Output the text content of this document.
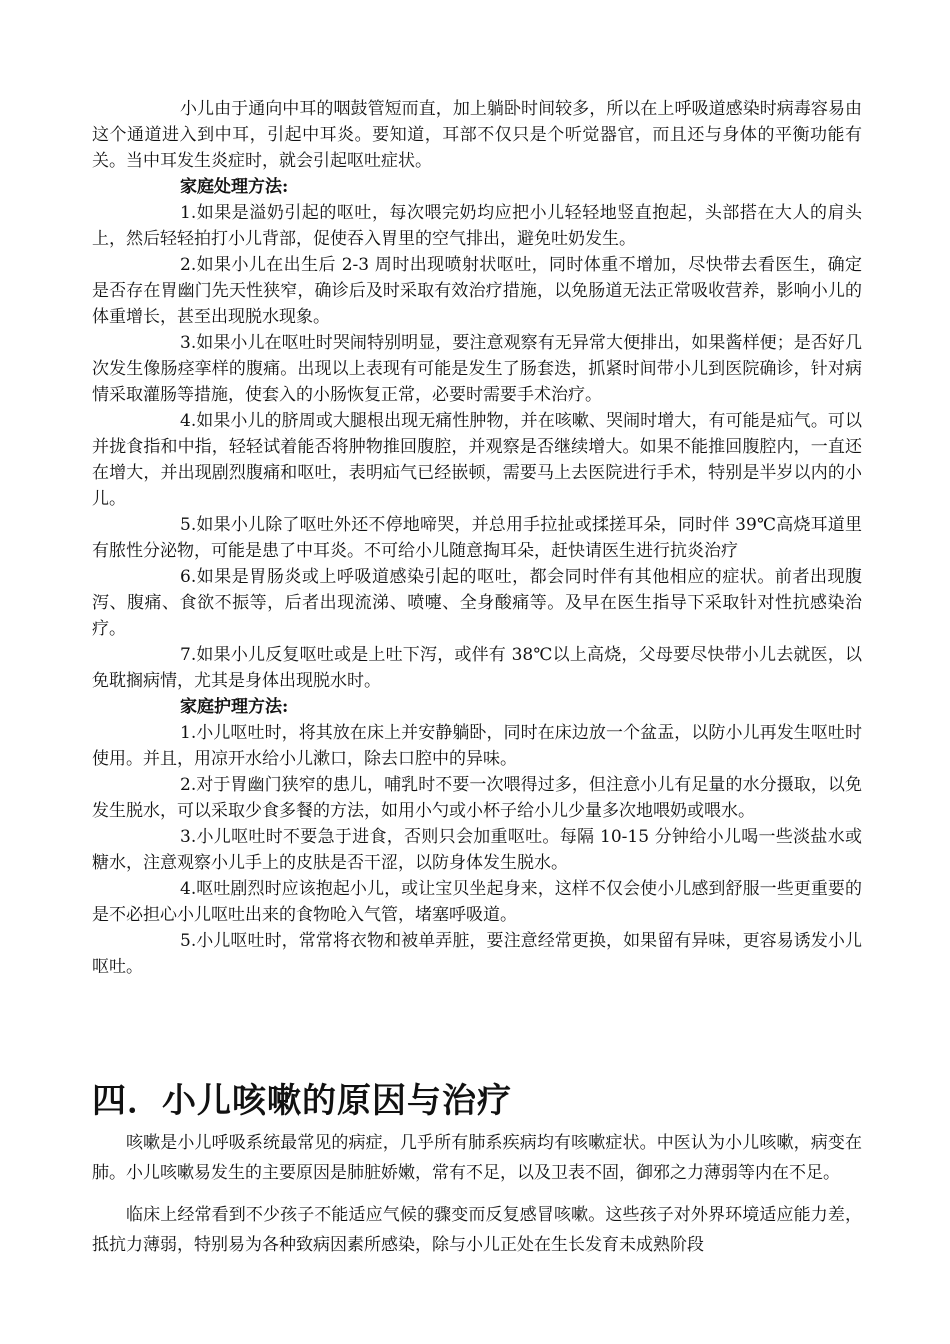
小儿由于通向中耳的咽鼓管短而直，加上躺卧时间较多，所以在上呼吸道感染时病毒容易由这个通道进入到中耳，引起中耳炎。要知道，耳部不仅只是个听觉器官，而且还与身体的平衡功能有关。当中耳发生炎症时，就会引起呕吐症状。

家庭处理方法:

1.如果是溢奶引起的呕吐，每次喂完奶均应把小儿轻轻地竖直抱起，头部搭在大人的肩头上，然后轻轻拍打小儿背部，促使吞入胃里的空气排出，避免吐奶发生。

2.如果小儿在出生后 2-3 周时出现喷射状呕吐，同时体重不增加，尽快带去看医生，确定是否存在胃幽门先天性狭窄，确诊后及时采取有效治疗措施，以免肠道无法正常吸收营养，影响小儿的体重增长，甚至出现脱水现象。

3.如果小儿在呕吐时哭闹特别明显，要注意观察有无异常大便排出，如果酱样便；是否好几次发生像肠痉挛样的腹痛。出现以上表现有可能是发生了肠套迭，抓紧时间带小儿到医院确诊，针对病情采取灌肠等措施，使套入的小肠恢复正常，必要时需要手术治疗。

4.如果小儿的脐周或大腿根出现无痛性肿物，并在咳嗽、哭闹时增大，有可能是疝气。可以并拢食指和中指，轻轻试着能否将肿物推回腹腔，并观察是否继续增大。如果不能推回腹腔内，一直还在增大，并出现剧烈腹痛和呕吐，表明疝气已经嵌顿，需要马上去医院进行手术，特别是半岁以内的小儿。

5.如果小儿除了呕吐外还不停地啼哭，并总用手拉扯或揉搓耳朵，同时伴 39℃高烧耳道里有脓性分泌物，可能是患了中耳炎。不可给小儿随意掏耳朵，赶快请医生进行抗炎治疗

6.如果是胃肠炎或上呼吸道感染引起的呕吐，都会同时伴有其他相应的症状。前者出现腹泻、腹痛、食欲不振等，后者出现流涕、喷嚏、全身酸痛等。及早在医生指导下采取针对性抗感染治疗。

7.如果小儿反复呕吐或是上吐下泻，或伴有 38℃以上高烧，父母要尽快带小儿去就医，以免耽搁病情，尤其是身体出现脱水时。

家庭护理方法:

1.小儿呕吐时，将其放在床上并安静躺卧，同时在床边放一个盆盂，以防小儿再发生呕吐时使用。并且，用凉开水给小儿漱口，除去口腔中的异味。

2.对于胃幽门狭窄的患儿，哺乳时不要一次喂得过多，但注意小儿有足量的水分摄取，以免发生脱水，可以采取少食多餐的方法，如用小勺或小杯子给小儿少量多次地喂奶或喂水。

3.小儿呕吐时不要急于进食，否则只会加重呕吐。每隔 10-15 分钟给小儿喝一些淡盐水或糖水，注意观察小儿手上的皮肤是否干涩，以防身体发生脱水。

4.呕吐剧烈时应该抱起小儿，或让宝贝坐起身来，这样不仅会使小儿感到舒服一些更重要的是不必担心小儿呕吐出来的食物呛入气管，堵塞呼吸道。

5.小儿呕吐时，常常将衣物和被单弄脏，要注意经常更换，如果留有异味，更容易诱发小儿呕吐。

四．小儿咳嗽的原因与治疗

咳嗽是小儿呼吸系统最常见的病症，几乎所有肺系疾病均有咳嗽症状。中医认为小儿咳嗽，病变在肺。小儿咳嗽易发生的主要原因是肺脏娇嫩，常有不足，以及卫表不固，御邪之力薄弱等内在不足。

临床上经常看到不少孩子不能适应气候的骤变而反复感冒咳嗽。这些孩子对外界环境适应能力差，抵抗力薄弱，特别易为各种致病因素所感染，除与小儿正处在生长发育未成熟阶段
